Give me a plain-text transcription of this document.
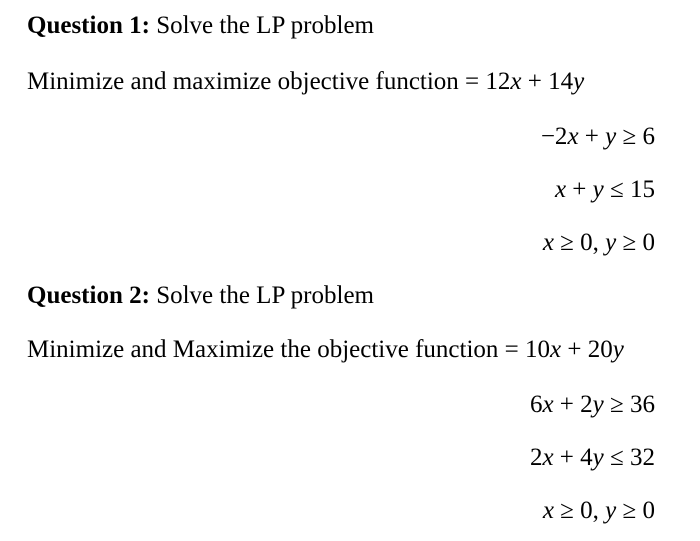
Question 1: Solve the LP problem
Minimize and maximize objective function = 12x + 14y
−2x + y ≥ 6
x + y ≤ 15
x ≥ 0, y ≥ 0
Question 2: Solve the LP problem
Minimize and Maximize the objective function = 10x + 20y
6x + 2y ≥ 36
2x + 4y ≤ 32
x ≥ 0, y ≥ 0
